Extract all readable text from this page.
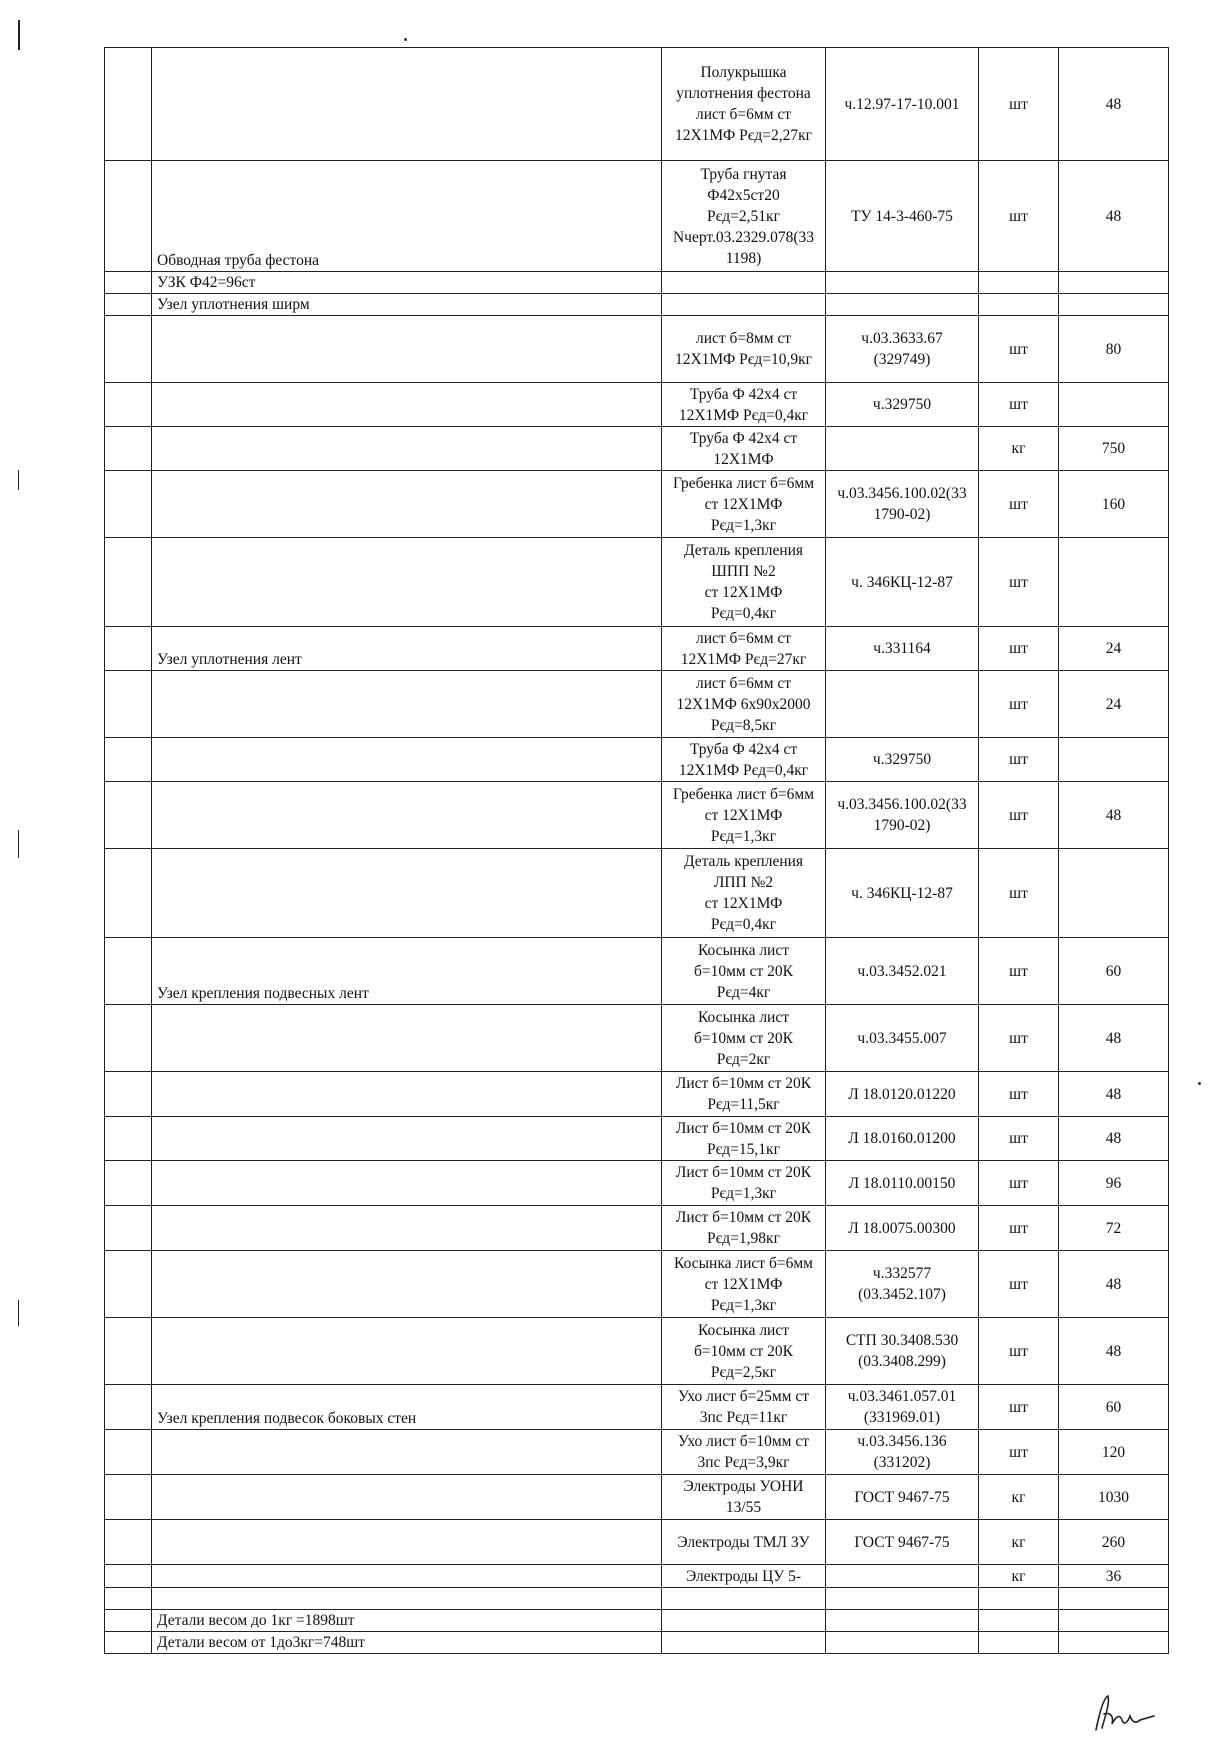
		Полукрышка
уплотнения фестона
лист б=6мм ст
12Х1МФ Рєд=2,27кг	ч.12.97-17-10.001	шт	48
	Обводная труба фестона	Труба гнутая
Ф42х5ст20
Рєд=2,51кг
Nчерт.03.2329.078(33
1198)	ТУ 14-3-460-75	шт	48
	УЗК Ф42=96ст				
	Узел уплотнения ширм				

		лист б=8мм ст
12Х1МФ Рєд=10,9кг	ч.03.3633.67
(329749)	шт	80

		Труба Ф 42х4 ст
12Х1МФ Рєд=0,4кг	ч.329750	шт	

		Труба Ф 42х4 ст
12Х1МФ		кг	750

		Гребенка лист б=6мм
ст 12Х1МФ
Рєд=1,3кг	ч.03.3456.100.02(33
1790-02)	шт	160

		Деталь крепления
ШПП №2
ст 12Х1МФ
Рєд=0,4кг	ч. 346КЦ-12-87	шт	
	Узел уплотнения лент	лист б=6мм ст
12Х1МФ Рєд=27кг	ч.331164	шт	24

		лист б=6мм ст
12Х1МФ 6х90х2000
Рєд=8,5кг		шт	24

		Труба Ф 42х4 ст
12Х1МФ Рєд=0,4кг	ч.329750	шт	

		Гребенка лист б=6мм
ст 12Х1МФ
Рєд=1,3кг	ч.03.3456.100.02(33
1790-02)	шт	48

		Деталь крепления
ЛПП №2
ст 12Х1МФ
Рєд=0,4кг	ч. 346КЦ-12-87	шт	
	Узел крепления подвесных лент	Косынка лист
б=10мм ст 20К
Рєд=4кг	ч.03.3452.021	шт	60

		Косынка лист
б=10мм ст 20К
Рєд=2кг	ч.03.3455.007	шт	48

		Лист б=10мм ст 20К
Рєд=11,5кг	Л 18.0120.01220	шт	48

		Лист б=10мм ст 20К
Рєд=15,1кг	Л 18.0160.01200	шт	48

		Лист б=10мм ст 20К
Рєд=1,3кг	Л 18.0110.00150	шт	96

		Лист б=10мм ст 20К
Рєд=1,98кг	Л 18.0075.00300	шт	72

		Косынка лист б=6мм
ст 12Х1МФ
Рєд=1,3кг	ч.332577
(03.3452.107)	шт	48

		Косынка лист
б=10мм ст 20К
Рєд=2,5кг	СТП 30.3408.530
(03.3408.299)	шт	48
	Узел крепления подвесок боковых стен	Ухо лист б=25мм ст
3пс Рєд=11кг	ч.03.3461.057.01
(331969.01)	шт	60

		Ухо лист б=10мм ст
3пс Рєд=3,9кг	ч.03.3456.136
(331202)	шт	120

		Электроды УОНИ
13/55	ГОСТ 9467-75	кг	1030

		Электроды ТМЛ 3У	ГОСТ 9467-75	кг	260

		Электроды ЦУ 5-		кг	36

	Детали весом до 1кг =1898шт				
	Детали весом от 1до3кг=748шт				
